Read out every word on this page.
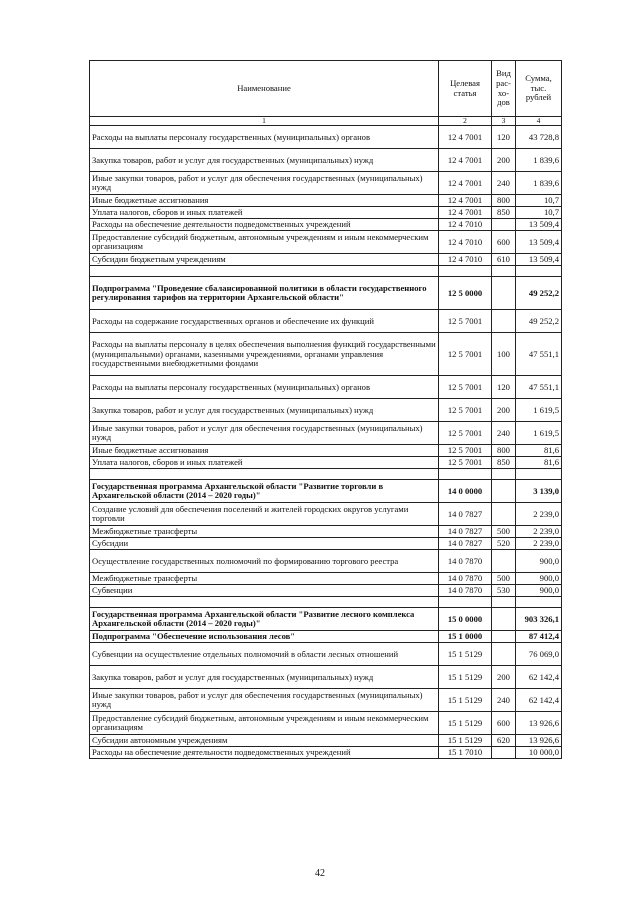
Наименование	Целевая статья	Вид рас-хо-дов	Сумма, тыс. рублей
1	2	3	4
Расходы на выплаты персоналу государственных (муниципальных) органов	12 4 7001	120	43 728,8
Закупка товаров, работ и услуг для государственных (муниципальных) нужд	12 4 7001	200	1 839,6
Иные закупки товаров, работ и услуг для обеспечения государственных (муниципальных) нужд	12 4 7001	240	1 839,6
Иные бюджетные ассигнования	12 4 7001	800	10,7
Уплата налогов, сборов и иных платежей	12 4 7001	850	10,7
Расходы на обеспечение деятельности подведомственных учреждений	12 4 7010		13 509,4
Предоставление субсидий бюджетным, автономным учреждениям и иным некоммерческим организациям	12 4 7010	600	13 509,4
Субсидии бюджетным учреждениям	12 4 7010	610	13 509,4

Подпрограмма "Проведение сбалансированной политики в области государственного регулирования тарифов на территории Архангельской области"	12 5 0000		49 252,2
Расходы на содержание государственных органов и обеспечение их функций	12 5 7001		49 252,2
Расходы на выплаты персоналу в целях обеспечения выполнения функций государственными (муниципальными) органами, казенными учреждениями, органами управления государственными внебюджетными фондами	12 5 7001	100	47 551,1
Расходы на выплаты персоналу государственных (муниципальных) органов	12 5 7001	120	47 551,1
Закупка товаров, работ и услуг для государственных (муниципальных) нужд	12 5 7001	200	1 619,5
Иные закупки товаров, работ и услуг для обеспечения государственных (муниципальных) нужд	12 5 7001	240	1 619,5
Иные бюджетные ассигнования	12 5 7001	800	81,6
Уплата налогов, сборов и иных платежей	12 5 7001	850	81,6

Государственная программа Архангельской области "Развитие торговли в Архангельской области (2014 – 2020 годы)"	14 0 0000		3 139,0
Создание условий для обеспечения поселений и жителей городских округов услугами торговли	14 0 7827		2 239,0
Межбюджетные трансферты	14 0 7827	500	2 239,0
Субсидии	14 0 7827	520	2 239,0
Осуществление государственных полномочий по формированию торгового реестра	14 0 7870		900,0
Межбюджетные трансферты	14 0 7870	500	900,0
Субвенции	14 0 7870	530	900,0

Государственная программа Архангельской области "Развитие лесного комплекса Архангельской области (2014 – 2020 годы)"	15 0 0000		903 326,1
Подпрограмма "Обеспечение использования лесов"	15 1 0000		87 412,4
Субвенции на осуществление отдельных полномочий в области лесных отношений	15 1 5129		76 069,0
Закупка товаров, работ и услуг для государственных (муниципальных) нужд	15 1 5129	200	62 142,4
Иные закупки товаров, работ и услуг для обеспечения государственных (муниципальных) нужд	15 1 5129	240	62 142,4
Предоставление субсидий бюджетным, автономным учреждениям и иным некоммерческим организациям	15 1 5129	600	13 926,6
Субсидии автономным учреждениям	15 1 5129	620	13 926,6
Расходы на обеспечение деятельности подведомственных учреждений	15 1 7010		10 000,0
42
